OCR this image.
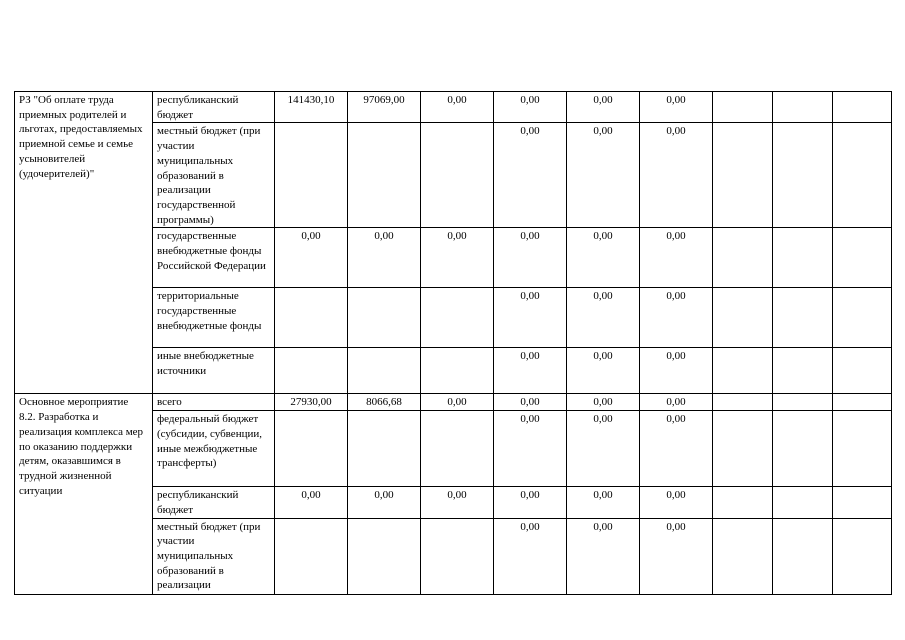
РЗ "Об оплате труда приемных родителей и льготах, предоставляемых приемной семье и семье усыновителей (удочерителей)"	республиканский бюджет	141430,10	97069,00	0,00	0,00	0,00	0,00			
	местный бюджет (при участии муниципальных образований в реализации государственной программы)				0,00	0,00	0,00			
	государственные внебюджетные фонды Российской Федерации	0,00	0,00	0,00	0,00	0,00	0,00			
	территориальные государственные внебюджетные фонды				0,00	0,00	0,00			
	иные внебюджетные источники				0,00	0,00	0,00			
Основное мероприятие 8.2. Разработка и реализация комплекса мер по оказанию поддержки детям, оказавшимся в трудной жизненной ситуации	всего	27930,00	8066,68	0,00	0,00	0,00	0,00			
	федеральный бюджет (субсидии, субвенции, иные межбюджетные трансферты)				0,00	0,00	0,00			
	республиканский бюджет	0,00	0,00	0,00	0,00	0,00	0,00			
	местный бюджет (при участии муниципальных образований в реализации				0,00	0,00	0,00			
